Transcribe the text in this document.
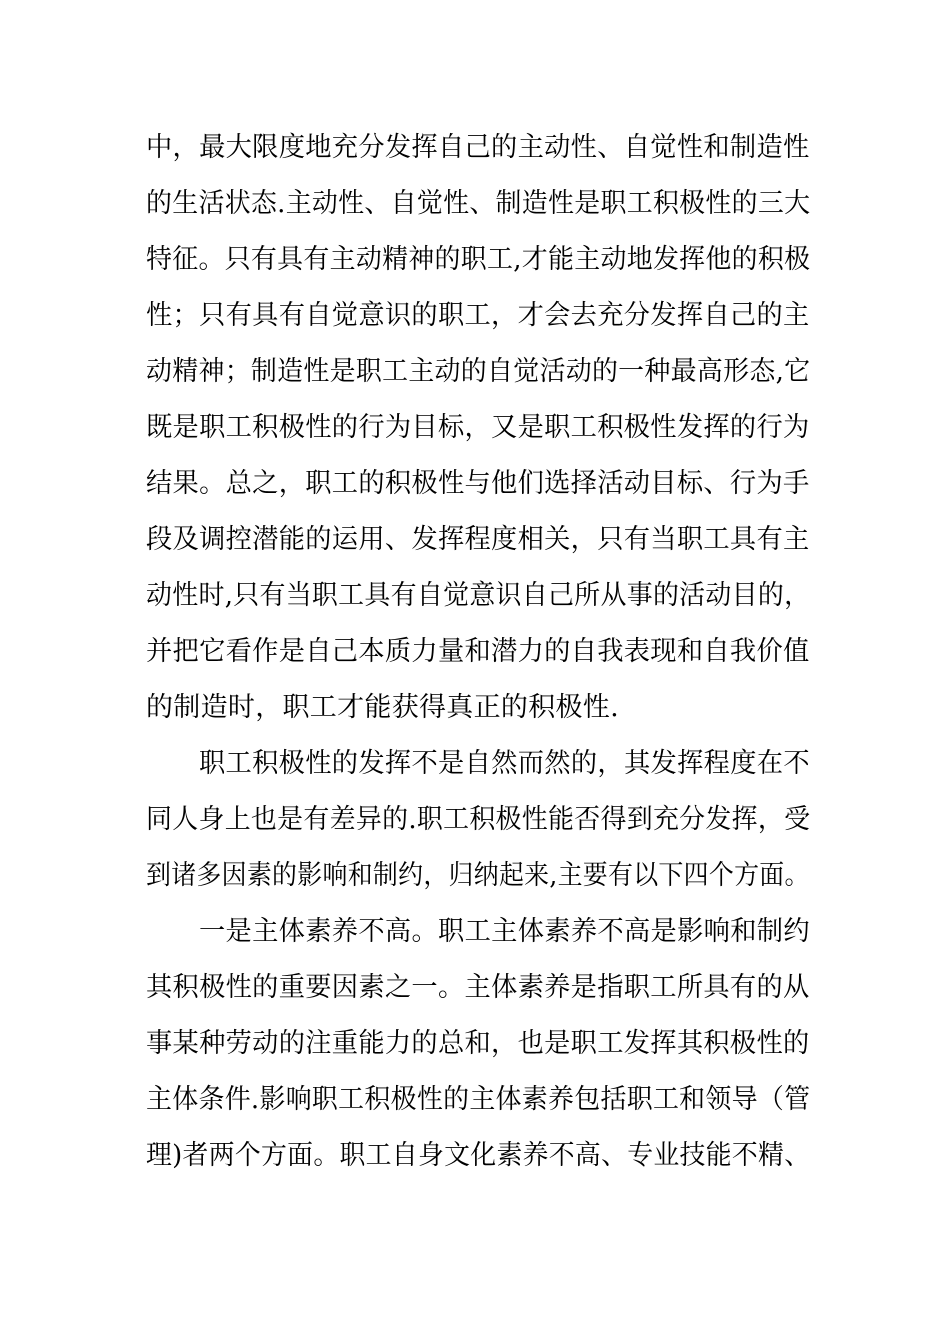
中，最大限度地充分发挥自己的主动性、自觉性和制造性
的生活状态.主动性、自觉性、制造性是职工积极性的三大
特征。只有具有主动精神的职工,才能主动地发挥他的积极
性；只有具有自觉意识的职工，才会去充分发挥自己的主
动精神；制造性是职工主动的自觉活动的一种最高形态,它
既是职工积极性的行为目标，又是职工积极性发挥的行为
结果。总之，职工的积极性与他们选择活动目标、行为手
段及调控潜能的运用、发挥程度相关，只有当职工具有主
动性时,只有当职工具有自觉意识自己所从事的活动目的，
并把它看作是自己本质力量和潜力的自我表现和自我价值
的制造时，职工才能获得真正的积极性.
职工积极性的发挥不是自然而然的，其发挥程度在不
同人身上也是有差异的.职工积极性能否得到充分发挥，受
到诸多因素的影响和制约，归纳起来,主要有以下四个方面。
一是主体素养不高。职工主体素养不高是影响和制约
其积极性的重要因素之一。主体素养是指职工所具有的从
事某种劳动的注重能力的总和，也是职工发挥其积极性的
主体条件.影响职工积极性的主体素养包括职工和领导（管
理)者两个方面。职工自身文化素养不高、专业技能不精、
